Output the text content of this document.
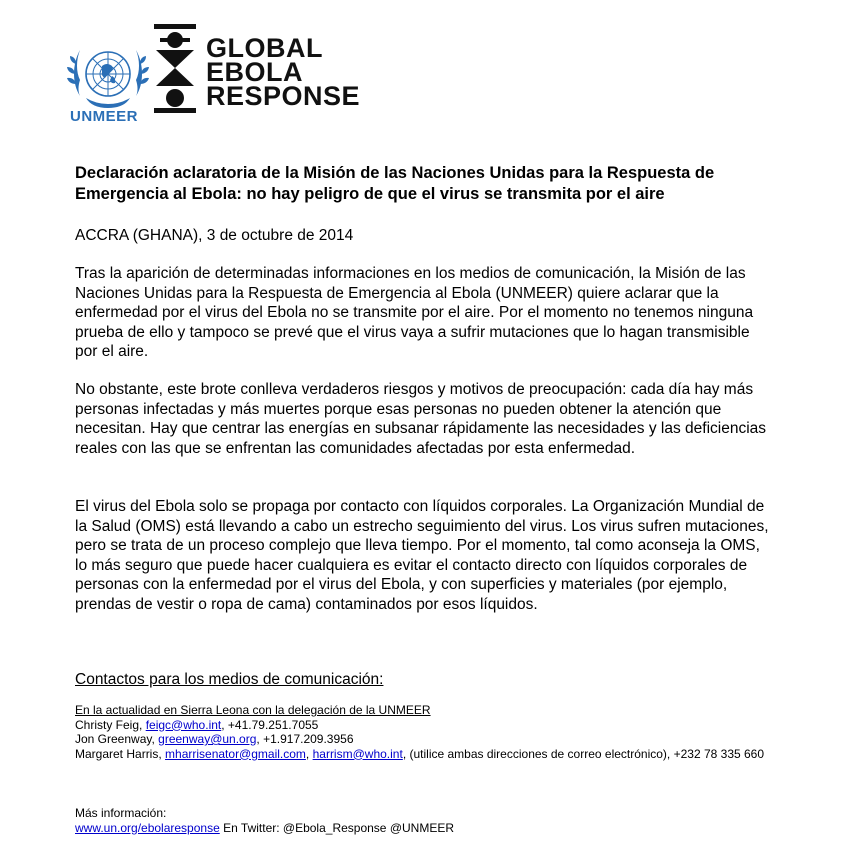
UNMEER
GLOBAL
EBOLA
RESPONSE
Declaración aclaratoria de la Misión de las Naciones Unidas para la Respuesta de Emergencia al Ebola: no hay peligro de que el virus se transmita por el aire

ACCRA (GHANA), 3 de octubre de 2014

Tras la aparición de determinadas informaciones en los medios de comunicación, la Misión de las Naciones Unidas para la Respuesta de Emergencia al Ebola (UNMEER) quiere aclarar que la enfermedad por el virus del Ebola no se transmite por el aire. Por el momento no tenemos ninguna prueba de ello y tampoco se prevé que el virus vaya a sufrir mutaciones que lo hagan transmisible por el aire.

No obstante, este brote conlleva verdaderos riesgos y motivos de preocupación: cada día hay más personas infectadas y más muertes porque esas personas no pueden obtener la atención que necesitan. Hay que centrar las energías en subsanar rápidamente las necesidades y las deficiencias reales con las que se enfrentan las comunidades afectadas por esta enfermedad.

El virus del Ebola solo se propaga por contacto con líquidos corporales. La Organización Mundial de la Salud (OMS) está llevando a cabo un estrecho seguimiento del virus. Los virus sufren mutaciones, pero se trata de un proceso complejo que lleva tiempo. Por el momento, tal como aconseja la OMS, lo más seguro que puede hacer cualquiera es evitar el contacto directo con líquidos corporales de personas con la enfermedad por el virus del Ebola, y con superficies y materiales (por ejemplo, prendas de vestir o ropa de cama) contaminados por esos líquidos.

Contactos para los medios de comunicación:

En la actualidad en Sierra Leona con la delegación de la UNMEER
Christy Feig, feigc@who.int, +41.79.251.7055
Jon Greenway, greenway@un.org, +1.917.209.3956
Margaret Harris, mharrisenator@gmail.com, harrism@who.int, (utilice ambas direcciones de correo electrónico), +232 78 335 660
Más información:
www.un.org/ebolaresponse En Twitter: @Ebola_Response @UNMEER
